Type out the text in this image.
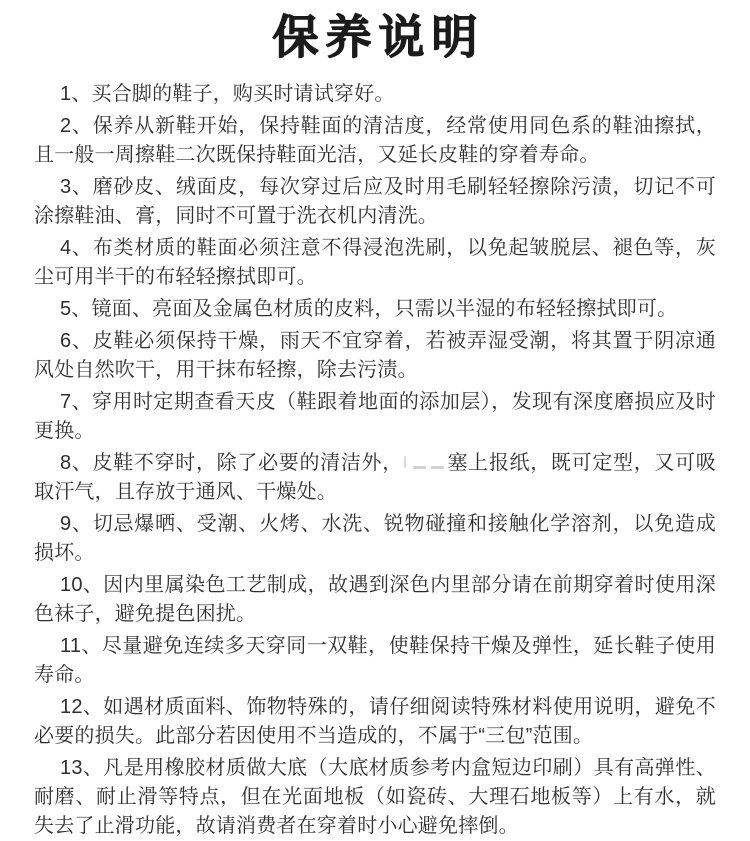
保养说明

1、买合脚的鞋子，购买时请试穿好。

2、保养从新鞋开始，保持鞋面的清洁度，经常使用同色系的鞋油擦拭，且一般一周擦鞋二次既保持鞋面光洁，又延长皮鞋的穿着寿命。

3、磨砂皮、绒面皮，每次穿过后应及时用毛刷轻轻擦除污渍，切记不可涂擦鞋油、膏，同时不可置于洗衣机内清洗。

4、布类材质的鞋面必须注意不得浸泡洗刷，以免起皱脱层、褪色等，灰尘可用半干的布轻轻擦拭即可。

5、镜面、亮面及金属色材质的皮料，只需以半湿的布轻轻擦拭即可。

6、皮鞋必须保持干燥，雨天不宜穿着，若被弄湿受潮，将其置于阴凉通风处自然吹干，用干抹布轻擦，除去污渍。

7、穿用时定期查看天皮（鞋跟着地面的添加层），发现有深度磨损应及时更换。

8、皮鞋不穿时，除了必要的清洁外， 塞上报纸，既可定型，又可吸取汗气，且存放于通风、干燥处。

9、切忌爆晒、受潮、火烤、水洗、锐物碰撞和接触化学溶剂，以免造成损坏。

10、因内里属染色工艺制成，故遇到深色内里部分请在前期穿着时使用深色袜子，避免提色困扰。

11、尽量避免连续多天穿同一双鞋，使鞋保持干燥及弹性，延长鞋子使用寿命。

12、如遇材质面料、饰物特殊的，请仔细阅读特殊材料使用说明，避免不必要的损失。此部分若因使用不当造成的，不属于“三包”范围。

13、凡是用橡胶材质做大底（大底材质参考内盒短边印刷）具有高弹性、耐磨、耐止滑等特点，但在光面地板（如瓷砖、大理石地板等）上有水，就失去了止滑功能，故请消费者在穿着时小心避免摔倒。
